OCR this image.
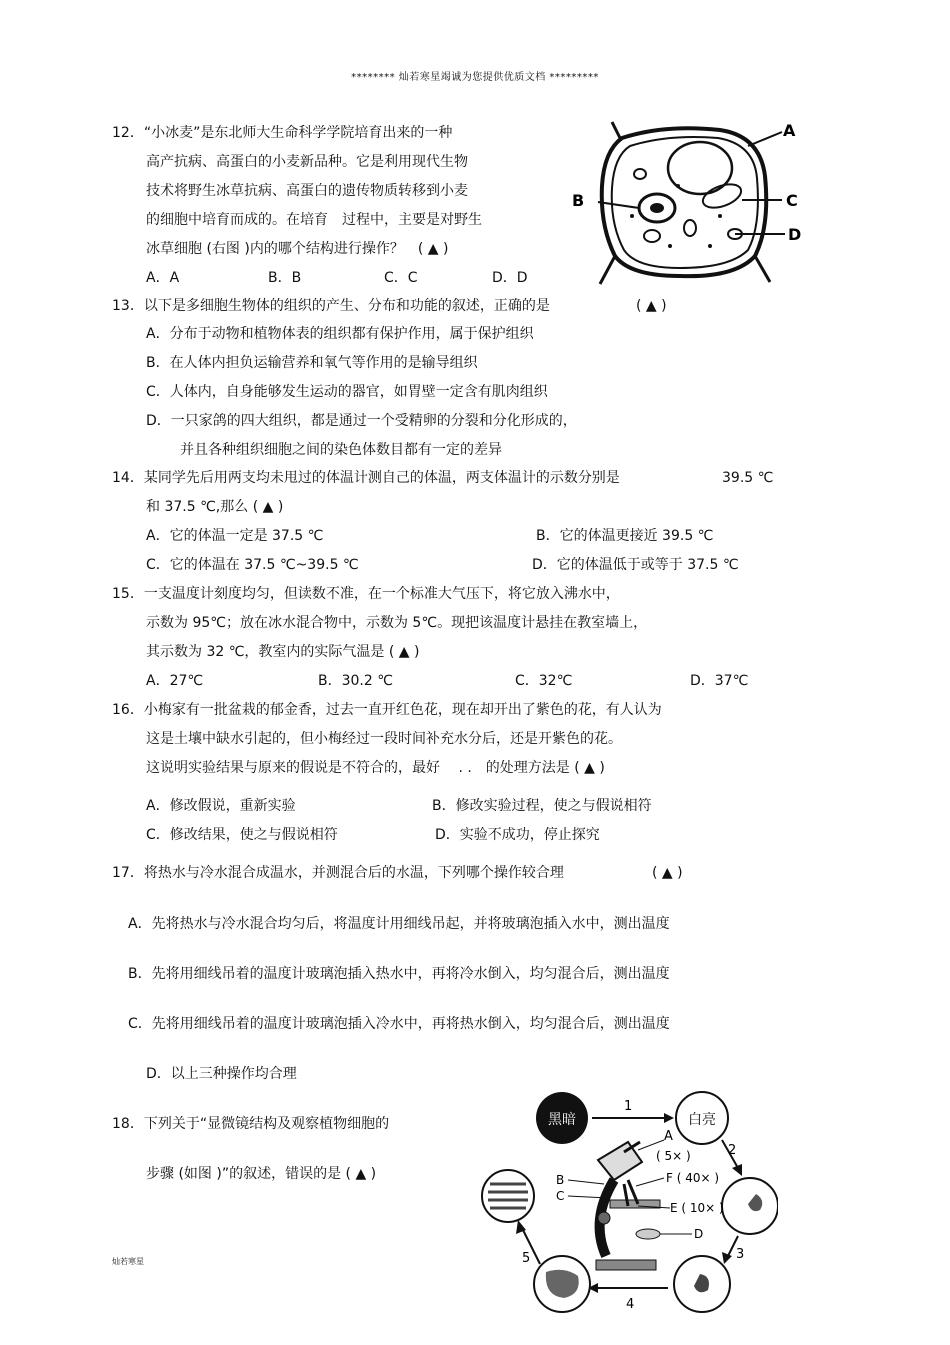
******** 灿若寒星竭诚为您提供优质文档 *********
12．“小冰麦”是东北师大生命科学学院培育出来的一种
高产抗病、高蛋白的小麦新品种。它是利用现代生物
技术将野生冰草抗病、高蛋白的遗传物质转移到小麦
的细胞中培育而成的。在培育　过程中，主要是对野生
冰草细胞 (右图 )内的哪个结构进行操作？　( ▲ )
A．A	B．B	C．C	D．D
A
B	C
D
13．以下是多细胞生物体的组织的产生、分布和功能的叙述，正确的是	( ▲ )
A．分布于动物和植物体表的组织都有保护作用，属于保护组织
B．在人体内担负运输营养和氧气等作用的是输导组织
C．人体内，自身能够发生运动的器官，如胃壁一定含有肌肉组织
D．一只家鸽的四大组织，都是通过一个受精卵的分裂和分化形成的，
并且各种组织细胞之间的染色体数目都有一定的差异
14．某同学先后用两支均未甩过的体温计测自己的体温，两支体温计的示数分别是	39.5 ℃
和 37.5 ℃,那么 ( ▲ )
A．它的体温一定是 37.5 ℃	B．它的体温更接近 39.5 ℃
C．它的体温在 37.5 ℃~39.5 ℃	D．它的体温低于或等于 37.5 ℃
15．一支温度计刻度均匀，但读数不准，在一个标准大气压下，将它放入沸水中，
示数为 95℃；放在冰水混合物中，示数为 5℃。现把该温度计悬挂在教室墙上，
其示数为 32 ℃，教室内的实际气温是 ( ▲ )
A．27℃	B．30.2 ℃	C．32℃	D．37℃
16．小梅家有一批盆栽的郁金香，过去一直开红色花，现在却开出了紫色的花，有人认为
这是土壤中缺水引起的，但小梅经过一段时间补充水分后，还是开紫色的花。
这说明实验结果与原来的假说是不符合的，最好　 . .　的处理方法是 ( ▲ )
A．修改假说，重新实验	B．修改实验过程，使之与假说相符
C．修改结果，使之与假说相符	D．实验不成功，停止探究
17．将热水与冷水混合成温水，并测混合后的水温，下列哪个操作较合理	( ▲ )
A．先将热水与冷水混合均匀后，将温度计用细线吊起，并将玻璃泡插入水中，测出温度
B．先将用细线吊着的温度计玻璃泡插入热水中，再将冷水倒入，均匀混合后，测出温度
C．先将用细线吊着的温度计玻璃泡插入冷水中，再将热水倒入，均匀混合后，测出温度
D．以上三种操作均合理
18．下列关于“显微镜结构及观察植物细胞的
步骤 (如图 )”的叙述，错误的是 ( ▲ )
黑暗	白亮
1
2
3
4
5
A
( 5× )
F ( 40× )
E ( 10× )
B
C
D
灿若寒星
